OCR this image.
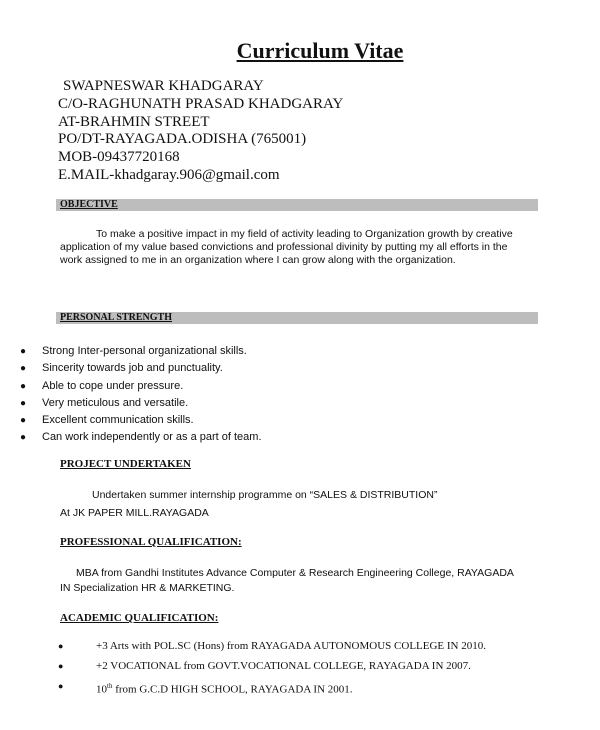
Curriculum Vitae
SWAPNESWAR KHADGARAY
C/O-RAGHUNATH PRASAD KHADGARAY
AT-BRAHMIN STREET
PO/DT-RAYAGADA.ODISHA (765001)
MOB-09437720168
E.MAIL-khadgaray.906@gmail.com
OBJECTIVE
To make a positive impact in my field of activity leading to Organization growth by creative application of my value based convictions and professional divinity by putting my all efforts in the work assigned to me in an organization where I can grow along with the organization.
PERSONAL STRENGTH
●	Strong Inter-personal organizational skills.
●	Sincerity towards job and punctuality.
●	Able to cope under pressure.
●	Very meticulous and versatile.
●	Excellent communication skills.
●	Can work independently or as a part of team.
PROJECT UNDERTAKEN
Undertaken summer internship programme on “SALES & DISTRIBUTION”
At JK PAPER MILL.RAYAGADA
PROFESSIONAL QUALIFICATION:
MBA from Gandhi Institutes Advance Computer & Research Engineering College, RAYAGADA
IN Specialization HR & MARKETING.
ACADEMIC QUALIFICATION:
●	+3 Arts with POL.SC (Hons) from RAYAGADA AUTONOMOUS COLLEGE IN 2010.
●	+2 VOCATIONAL from GOVT.VOCATIONAL COLLEGE, RAYAGADA IN 2007.
●	10th from G.C.D HIGH SCHOOL, RAYAGADA IN 2001.
